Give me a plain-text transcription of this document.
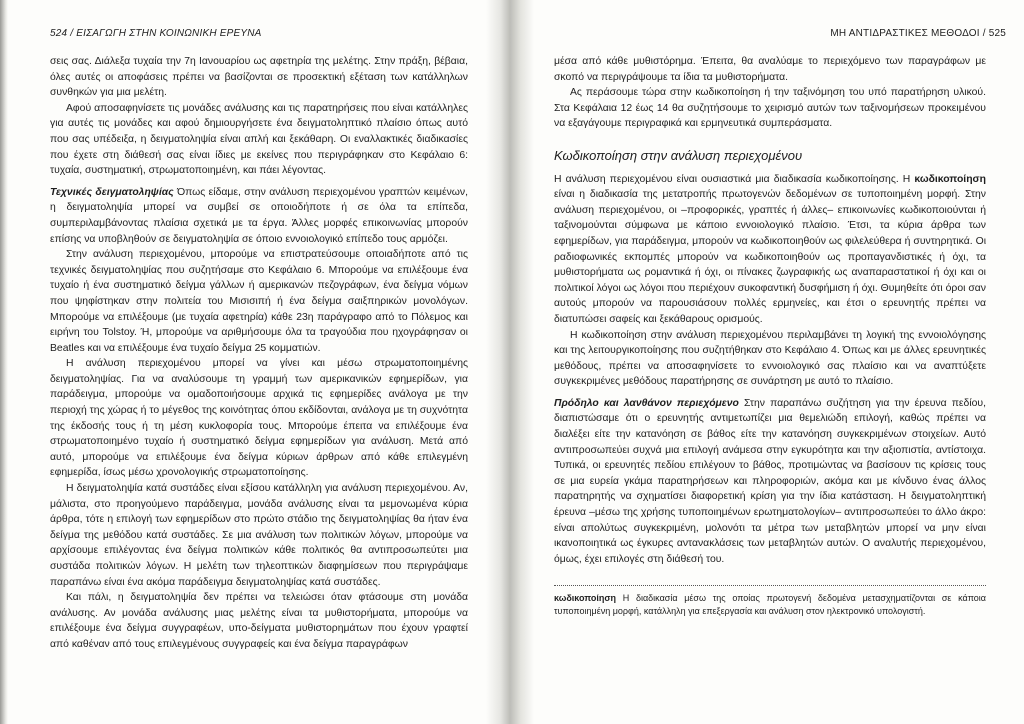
524 / ΕΙΣΑΓΩΓΗ ΣΤΗΝ ΚΟΙΝΩΝΙΚΗ ΕΡΕΥΝΑ

σεις σας. Διάλεξα τυχαία την 7η Ιανουαρίου ως αφετηρία της μελέτης. Στην πράξη, βέβαια, όλες αυτές οι αποφάσεις πρέπει να βασίζονται σε προσεκτική εξέταση των κατάλληλων συνθηκών για μια μελέτη.

Αφού αποσαφηνίσετε τις μονάδες ανάλυσης και τις παρατηρήσεις που είναι κατάλληλες για αυτές τις μονάδες και αφού δημιουργήσετε ένα δειγματοληπτικό πλαίσιο όπως αυτό που σας υπέδειξα, η δειγματοληψία είναι απλή και ξεκάθαρη. Οι εναλλακτικές διαδικασίες που έχετε στη διάθεσή σας είναι ίδιες με εκείνες που περιγράφηκαν στο Κεφάλαιο 6: τυχαία, συστηματική, στρωματοποιημένη, και πάει λέγοντας.

Τεχνικές δειγματοληψίας Όπως είδαμε, στην ανάλυση περιεχομένου γραπτών κειμένων, η δειγματοληψία μπορεί να συμβεί σε οποιοδήποτε ή σε όλα τα επίπεδα, συμπεριλαμβάνοντας πλαίσια σχετικά με τα έργα. Άλλες μορφές επικοινωνίας μπορούν επίσης να υποβληθούν σε δειγματοληψία σε όποιο εννοιολογικό επίπεδο τους αρμόζει.

Στην ανάλυση περιεχομένου, μπορούμε να επιστρατεύσουμε οποιαδήποτε από τις τεχνικές δειγματοληψίας που συζητήσαμε στο Κεφάλαιο 6. Μπορούμε να επιλέξουμε ένα τυχαίο ή ένα συστηματικό δείγμα γάλλων ή αμερικανών πεζογράφων, ένα δείγμα νόμων που ψηφίστηκαν στην πολιτεία του Μισισιπή ή ένα δείγμα σαιξπηρικών μονολόγων. Μπορούμε να επιλέξουμε (με τυχαία αφετηρία) κάθε 23η παράγραφο από το Πόλεμος και ειρήνη του Tolstoy. Ή, μπορούμε να αριθμήσουμε όλα τα τραγούδια που ηχογράφησαν οι Beatles και να επιλέξουμε ένα τυχαίο δείγμα 25 κομματιών.

Η ανάλυση περιεχομένου μπορεί να γίνει και μέσω στρωματοποιημένης δειγματοληψίας. Για να αναλύσουμε τη γραμμή των αμερικανικών εφημερίδων, για παράδειγμα, μπορούμε να ομαδοποιήσουμε αρχικά τις εφημερίδες ανάλογα με την περιοχή της χώρας ή το μέγεθος της κοινότητας όπου εκδίδονται, ανάλογα με τη συχνότητα της έκδοσής τους ή τη μέση κυκλοφορία τους. Μπορούμε έπειτα να επιλέξουμε ένα στρωματοποιημένο τυχαίο ή συστηματικό δείγμα εφημερίδων για ανάλυση. Μετά από αυτό, μπορούμε να επιλέξουμε ένα δείγμα κύριων άρθρων από κάθε επιλεγμένη εφημερίδα, ίσως μέσω χρονολογικής στρωματοποίησης.

Η δειγματοληψία κατά συστάδες είναι εξίσου κατάλληλη για ανάλυση περιεχομένου. Αν, μάλιστα, στο προηγούμενο παράδειγμα, μονάδα ανάλυσης είναι τα μεμονωμένα κύρια άρθρα, τότε η επιλογή των εφημερίδων στο πρώτο στάδιο της δειγματοληψίας θα ήταν ένα δείγμα της μεθόδου κατά συστάδες. Σε μια ανάλυση των πολιτικών λόγων, μπορούμε να αρχίσουμε επιλέγοντας ένα δείγμα πολιτικών κάθε πολιτικός θα αντιπροσωπεύτει μια συστάδα πολιτικών λόγων. Η μελέτη των τηλεοπτικών διαφημίσεων που περιγράψαμε παραπάνω είναι ένα ακόμα παράδειγμα δειγματοληψίας κατά συστάδες.

Και πάλι, η δειγματοληψία δεν πρέπει να τελειώσει όταν φτάσουμε στη μονάδα ανάλυσης. Αν μονάδα ανάλυσης μιας μελέτης είναι τα μυθιστορήματα, μπορούμε να επιλέξουμε ένα δείγμα συγγραφέων, υπο-δείγματα μυθιστορημάτων που έχουν γραφτεί από καθέναν από τους επιλεγμένους συγγραφείς και ένα δείγμα παραγράφων

ΜΗ ΑΝΤΙΔΡΑΣΤΙΚΕΣ ΜΕΘΟΔΟΙ / 525

μέσα από κάθε μυθιστόρημα. Έπειτα, θα αναλύαμε το περιεχόμενο των παραγράφων με σκοπό να περιγράψουμε τα ίδια τα μυθιστορήματα.

Ας περάσουμε τώρα στην κωδικοποίηση ή την ταξινόμηση του υπό παρατήρηση υλικού. Στα Κεφάλαια 12 έως 14 θα συζητήσουμε το χειρισμό αυτών των ταξινομήσεων προκειμένου να εξαγάγουμε περιγραφικά και ερμηνευτικά συμπεράσματα.

Κωδικοποίηση στην ανάλυση περιεχομένου

Η ανάλυση περιεχομένου είναι ουσιαστικά μια διαδικασία κωδικοποίησης. Η κωδικοποίηση είναι η διαδικασία της μετατροπής πρωτογενών δεδομένων σε τυποποιημένη μορφή. Στην ανάλυση περιεχομένου, οι –προφορικές, γραπτές ή άλλες– επικοινωνίες κωδικοποιούνται ή ταξινομούνται σύμφωνα με κάποιο εννοιολογικό πλαίσιο. Έτσι, τα κύρια άρθρα των εφημερίδων, για παράδειγμα, μπορούν να κωδικοποιηθούν ως φιλελεύθερα ή συντηρητικά. Οι ραδιοφωνικές εκπομπές μπορούν να κωδικοποιηθούν ως προπαγανδιστικές ή όχι, τα μυθιστορήματα ως ρομαντικά ή όχι, οι πίνακες ζωγραφικής ως αναπαραστατικοί ή όχι και οι πολιτικοί λόγοι ως λόγοι που περιέχουν συκοφαντική δυσφήμιση ή όχι. Θυμηθείτε ότι όροι σαν αυτούς μπορούν να παρουσιάσουν πολλές ερμηνείες, και έτσι ο ερευνητής πρέπει να διατυπώσει σαφείς και ξεκάθαρους ορισμούς.

Η κωδικοποίηση στην ανάλυση περιεχομένου περιλαμβάνει τη λογική της εννοιολόγησης και της λειτουργικοποίησης που συζητήθηκαν στο Κεφάλαιο 4. Όπως και με άλλες ερευνητικές μεθόδους, πρέπει να αποσαφηνίσετε το εννοιολογικό σας πλαίσιο και να αναπτύξετε συγκεκριμένες μεθόδους παρατήρησης σε συνάρτηση με αυτό το πλαίσιο.

Πρόδηλο και λανθάνον περιεχόμενο Στην παραπάνω συζήτηση για την έρευνα πεδίου, διαπιστώσαμε ότι ο ερευνητής αντιμετωπίζει μια θεμελιώδη επιλογή, καθώς πρέπει να διαλέξει είτε την κατανόηση σε βάθος είτε την κατανόηση συγκεκριμένων στοιχείων. Αυτό αντιπροσωπεύει συχνά μια επιλογή ανάμεσα στην εγκυρότητα και την αξιοπιστία, αντίστοιχα. Τυπικά, οι ερευνητές πεδίου επιλέγουν το βάθος, προτιμώντας να βασίσουν τις κρίσεις τους σε μια ευρεία γκάμα παρατηρήσεων και πληροφοριών, ακόμα και με κίνδυνο ένας άλλος παρατηρητής να σχηματίσει διαφορετική κρίση για την ίδια κατάσταση. Η δειγματοληπτική έρευνα –μέσω της χρήσης τυποποιημένων ερωτηματολογίων– αντιπροσωπεύει το άλλο άκρο: είναι απολύτως συγκεκριμένη, μολονότι τα μέτρα των μεταβλητών μπορεί να μην είναι ικανοποιητικά ως έγκυρες αντανακλάσεις των μεταβλητών αυτών. Ο αναλυτής περιεχομένου, όμως, έχει επιλογές στη διάθεσή του.

κωδικοποίηση Η διαδικασία μέσω της οποίας πρωτογενή δεδομένα μετασχηματίζονται σε κάποια τυποποιημένη μορφή, κατάλληλη για επεξεργασία και ανάλυση στον ηλεκτρονικό υπολογιστή.
